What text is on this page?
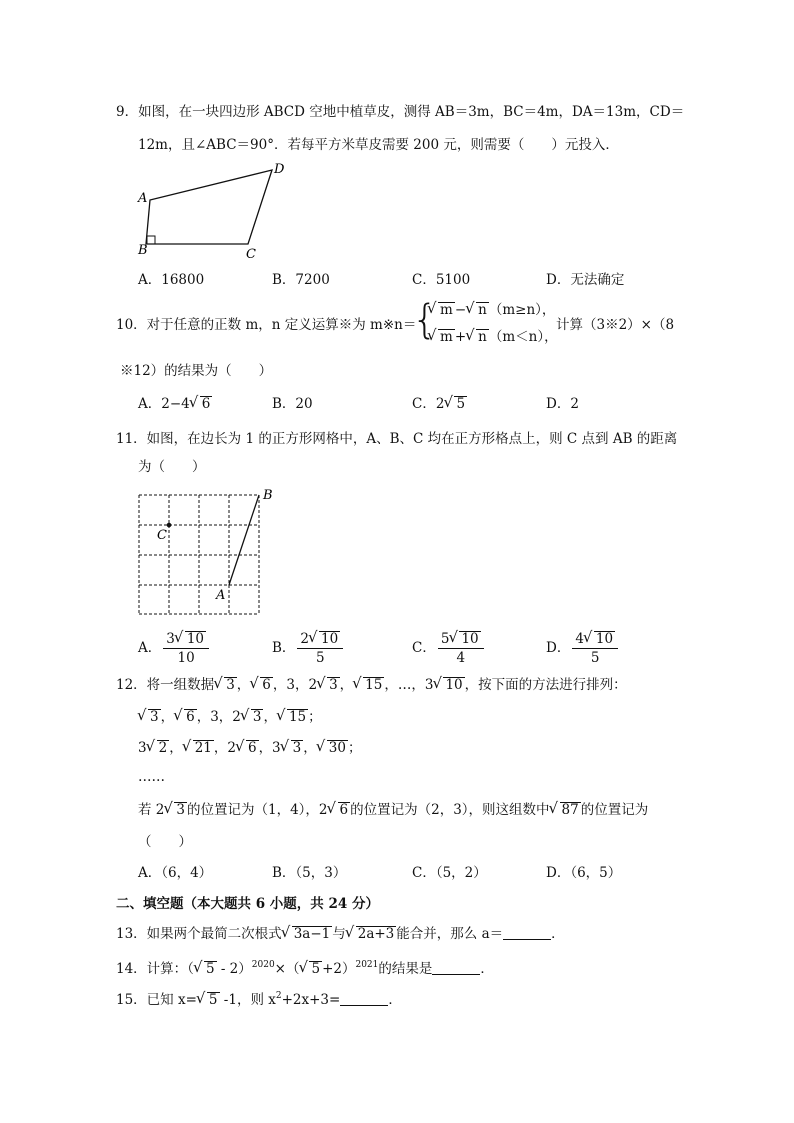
9．如图，在一块四边形 ABCD 空地中植草皮，测得 AB＝3m，BC＝4m，DA＝13m，CD＝
12m，且∠ABC＝90°．若每平方米草皮需要 200 元，则需要（　　）元投入．
A
B	C
D
A．16800	B．7200	C．5100	D．无法确定
10．对于任意的正数 m，n 定义运算※为 m※n＝
{ √ m − √ n （m≥n），
√ m + √ n （m＜n），
计算（3※2）×（8
※12）的结果为（　　）
A．2−4 √ 6	B．20	C．2 √ 5	D．2
11．如图，在边长为 1 的正方形网格中，A、B、C 均在正方形格点上，则 C 点到 AB 的距离
为（　　）
A
B
C
A． $\frac{3 √ 10}{10}$	B． $\frac{2 √ 10}{5}$	C． $\frac{5 √ 10}{4}$	D． $\frac{4 √ 10}{5}$
12．将一组数据 √ 3 ， √ 6 ，3，2 √ 3 ， √ 15 ，…，3 √ 10 ，按下面的方法进行排列：
√ 3 ， √ 6 ，3，2 √ 3 ， √ 15 ；
3 √ 2 ， √ 21 ，2 √ 6 ，3 √ 3 ， √ 30 ；
……
若 2 √ 3 的位置记为（1，4），2 √ 6 的位置记为（2，3），则这组数中 √ 87 的位置记为
（　　）
A．（6，4）	B．（5，3）	C．（5，2）	D．（6，5）
二、填空题（本大题共 6 小题，共 24 分）
13．如果两个最简二次根式 √ 3a−1 与 √ 2a+3 能合并，那么 a＝	．
14．计算：（ √ 5 - 2）$^{2020}$×（ √ 5 +2）$^{2021}$的结果是	．
15．已知 x= √ 5 -1，则 $x^2+2x+3=$	．
